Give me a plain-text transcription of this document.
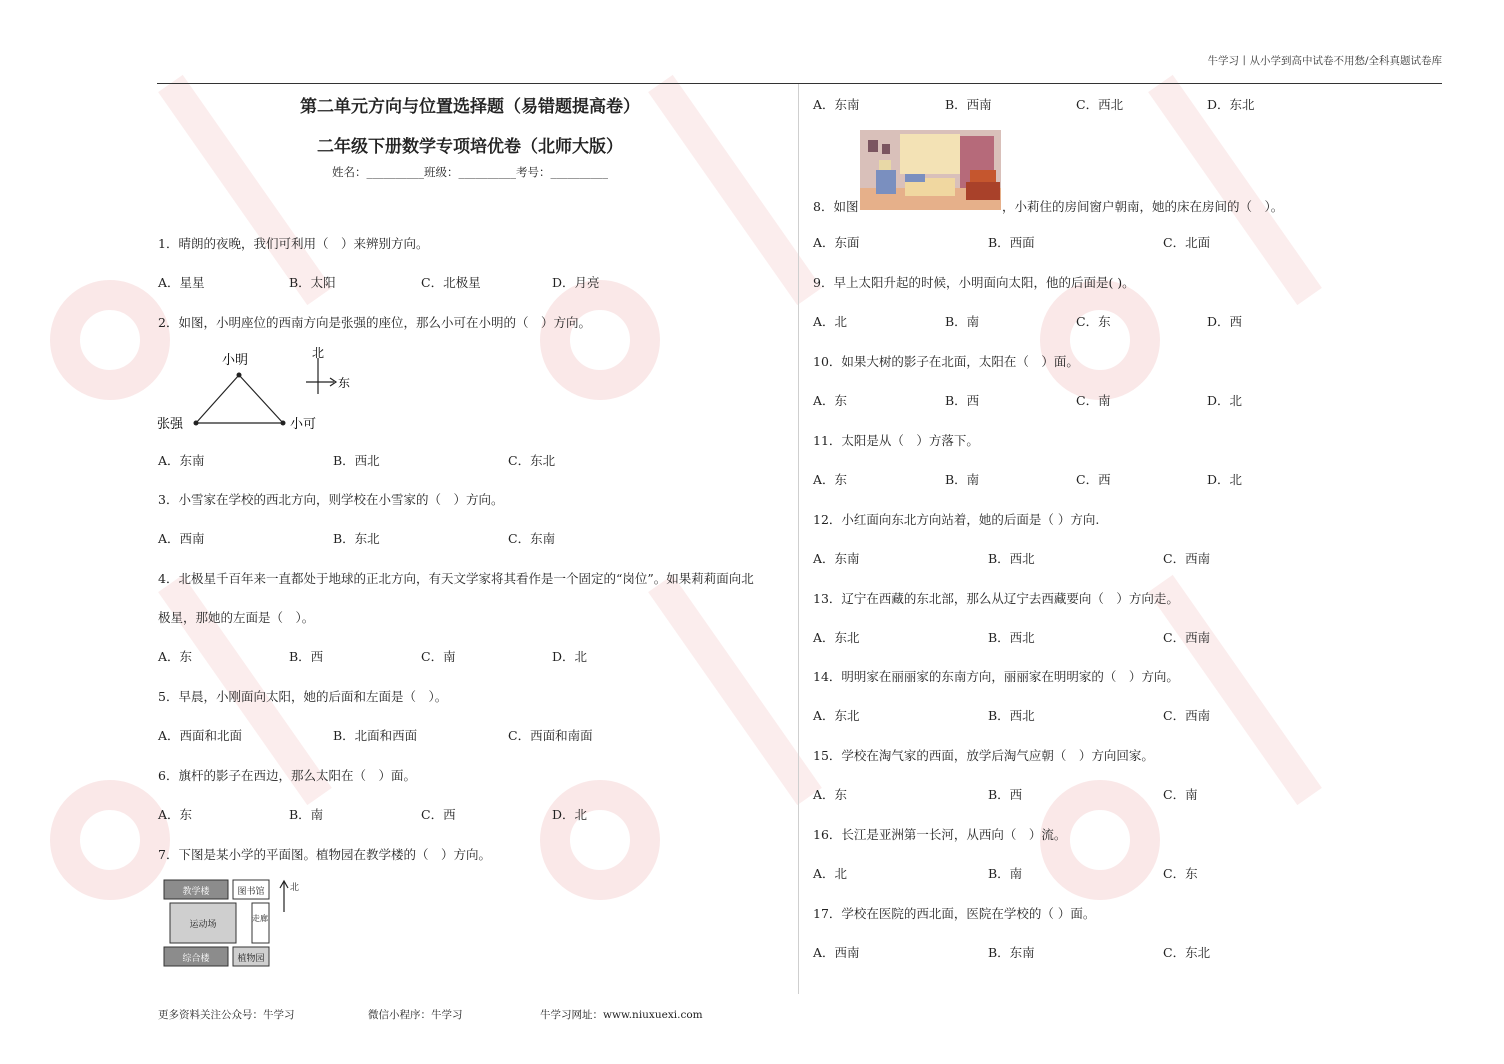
牛学习丨从小学到高中试卷不用愁/全科真题试卷库
第二单元方向与位置选择题（易错题提高卷）
二年级下册数学专项培优卷（北师大版）
姓名：__________班级：__________考号：__________
1．晴朗的夜晚，我们可利用（　）来辨别方向。
A．星星	B．太阳	C．北极星	D．月亮
2．如图，小明座位的西南方向是张强的座位，那么小可在小明的（　）方向。
小明
张强	小可
北
东
A．东南	B．西北	C．东北
3．小雪家在学校的西北方向，则学校在小雪家的（　）方向。
A．西南	B．东北	C．东南
4．北极星千百年来一直都处于地球的正北方向，有天文学家将其看作是一个固定的“岗位”。如果莉莉面向北
极星，那她的左面是（　）。
A．东	B．西	C．南	D．北
5．早晨，小刚面向太阳，她的后面和左面是（　）。
A．西面和北面	B．北面和西面	C．西面和南面
6．旗杆的影子在西边，那么太阳在（　）面。
A．东	B．南	C．西	D．北
7．下图是某小学的平面图。植物园在教学楼的（　）方向。
教学楼	图书馆
运动场
走廊
综合楼	植物园
北
A．东南	B．西南	C．西北	D．东北
8．如图	，小莉住的房间窗户朝南，她的床在房间的（　）。
A．东面	B．西面	C．北面
9．早上太阳升起的时候，小明面向太阳，他的后面是( )。
A．北	B．南	C．东	D．西
10．如果大树的影子在北面，太阳在（　）面。
A．东	B．西	C．南	D．北
11．太阳是从（　）方落下。
A．东	B．南	C．西	D．北
12．小红面向东北方向站着，她的后面是（ ）方向.
A．东南	B．西北	C．西南
13．辽宁在西藏的东北部，那么从辽宁去西藏要向（　）方向走。
A．东北	B．西北	C．西南
14．明明家在丽丽家的东南方向，丽丽家在明明家的（　）方向。
A．东北	B．西北	C．西南
15．学校在淘气家的西面，放学后淘气应朝（　）方向回家。
A．东	B．西	C．南
16．长江是亚洲第一长河，从西向（　）流。
A．北	B．南	C．东
17．学校在医院的西北面，医院在学校的（ ）面。
A．西南	B．东南	C．东北
更多资料关注公众号：牛学习	微信小程序：牛学习	牛学习网址：www.niuxuexi.com
